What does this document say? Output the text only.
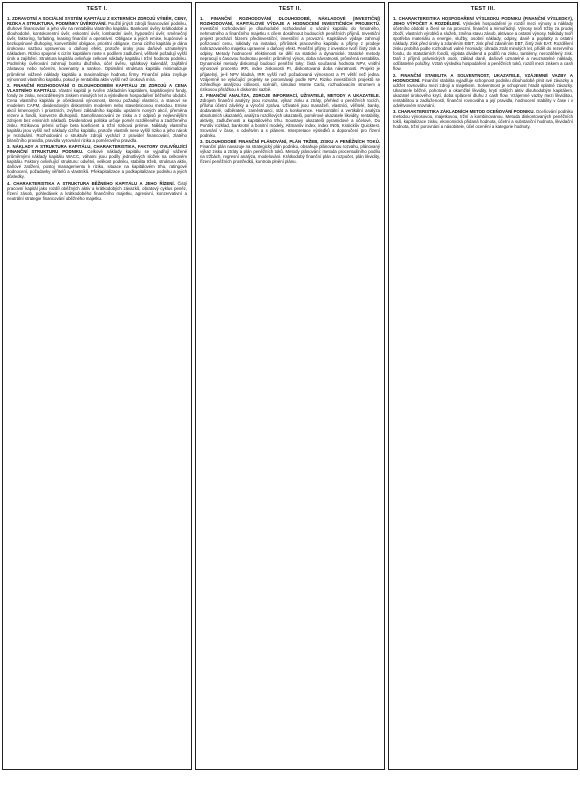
TEST I.

1. ZDRAVOTNÍ A SOCIÁLNÍ SYSTÉM KAPITÁLU Z EXTERNÍCH ZDROJŮ VÝBĚR, CENY, RIZIKA A STRUKTURA, PODMÍNKY ÚVĚROVÁNÍ. Použití jiných zdrojů financování podniku, dluhové financování a jeho vliv na rentabilitu vlastního kapitálu. Bankovní úvěry krátkodobé a dlouhodobé, kontokorentní úvěr, eskontní úvěr, lombardní úvěr, hypoteční úvěr, směnečný úvěr, faktoring, forfaiting, leasing finanční a operativní. Obligace a jejich emise, kupónové a bezkupónové dluhopisy, konvertibilní obligace, prioritní obligace. Cena cizího kapitálu je dána úrokovou sazbou upravenou o daňový efekt, protože úroky jsou daňově uznatelným nákladem. Riziko spojené s cizím kapitálem roste s podílem zadlužení, věřitelé požadují vyšší úrok a zajištění. Struktura kapitálu ovlivňuje celkové náklady kapitálu i tržní hodnotu podniku. Podmínky úvěrování zahrnují bonitu dlužníka, účel úvěru, splátkový kalendář, zajištění zástavou nebo ručením, kovenanty a sankce. Optimální struktura kapitálu minimalizuje průměrné vážené náklady kapitálu a maximalizuje hodnotu firmy. Finanční páka zvyšuje výnosnost vlastního kapitálu, pokud je rentabilita aktiv vyšší než úroková míra.

2. FINANČNÍ ROZHODOVÁNÍ O DLOUHODOBÉM KAPITÁLU ZE ZDROJŮ A CENA VLASTNÍHO KAPITÁLU. Vlastní kapitál je tvořen základním kapitálem, kapitálovými fondy, fondy ze zisku, nerozděleným ziskem minulých let a výsledkem hospodaření běžného období. Cena vlastního kapitálu je očekávaná výnosnost, kterou požadují vlastníci, a stanoví se modelem CAPM, dividendovým diskontním modelem nebo stavebnicovou metodou. Emise akcií kmenových i prioritních, zvýšení základního kapitálu upsáním nových akcií, přeměna rezerv a fondů, konverze dluhopisů. Samofinancování ze zisku a z odpisů je nejlevnějším zdrojem bez emisních nákladů. Dividendová politika určuje poměr rozděleného a zadrženého zisku. Rizikovou prémii určuje beta koeficient a tržní riziková prémie. Náklady vlastního kapitálu jsou vyšší než náklady cizího kapitálu, protože vlastník nese vyšší riziko a jeho nárok je reziduální. Rozhodování o struktuře zdrojů vychází z pravidel financování, zlatého bilančního pravidla, pravidla vyrovnání rizika a poměrového pravidla.

3. NÁKLADY A STRUKTURA KAPITÁLU, CHARAKTERISTIKA, FAKTORY OVLIVŇUJÍCÍ FINANČNÍ STRUKTURU PODNIKU. Celkové náklady kapitálu se vyjadřují vážené průměrnými náklady kapitálu WACC, váhami jsou podíly jednotlivých složek na celkovém kapitálu. Faktory ovlivňující strukturu: odvětví, velikost podniku, stabilita tržeb, struktura aktiv, daňové zatížení, postoj managementu k riziku, situace na kapitálovém trhu, ratingové hodnocení, požadavky věřitelů a vlastníků. Překapitalizace a podkapitalizace podniku a jejich důsledky.

4. CHARAKTERISTIKA A STRUKTURA BĚŽNÉHO KAPITÁLU A JEHO ŘÍZENÍ. Čistý pracovní kapitál jako rozdíl oběžných aktiv a krátkodobých závazků, obratový cyklus peněz, řízení zásob, pohledávek a krátkodobého finančního majetku, agresivní, konzervativní a neutrální strategie financování oběžného majetku.

TEST II.

1. FINANČNÍ ROZHODOVÁNÍ DLOUHODOBÉ, NÁKLADOVÉ (INVESTIČNÍ) ROZHODOVÁNÍ, KAPITÁLOVÉ VÝDAJE A HODNOCENÍ INVESTIČNÍCH PROJEKTŮ. Investiční rozhodování je dlouhodobé rozhodování o vázání kapitálu do hmotného, nehmotného a finančního majetku s cílem dosáhnout budoucích peněžních příjmů. Investiční projekt prochází fázemi předinvestiční, investiční a provozní. Kapitálové výdaje zahrnují pořizovací cenu, náklady na instalaci, přírůstek pracovního kapitálu a příjmy z prodeje nahrazovaného majetku upravené o daňový efekt. Peněžní příjmy z investice tvoří čistý zisk a odpisy. Metody hodnocení efektivnosti se dělí na statické a dynamické. Statické metody nepracují s časovou hodnotou peněz: průměrný výnos, doba návratnosti, průměrná rentabilita. Dynamické metody diskontují budoucí peněžní toky: čistá současná hodnota NPV, vnitřní výnosové procento IRR, index ziskovosti PI, diskontovaná doba návratnosti. Projekt je přijatelný, je-li NPV kladná, IRR vyšší než požadovaná výnosnost a PI větší než jedna. Vzájemně se vylučující projekty se porovnávají podle NPV. Riziko investičních projektů se zohledňuje analýzou citlivosti, scénáři, simulací Monte Carlo, rozhodovacím stromem a rizikovou přirážkou k diskontní sazbě.

2. FINANČNÍ ANALÝZA, ZDROJE INFORMACÍ, UŽIVATELÉ, METODY A UKAZATELE. Zdrojem finanční analýzy jsou rozvaha, výkaz zisku a ztráty, přehled o peněžních tocích, příloha účetní závěrky a výroční zpráva. Uživateli jsou manažeři, vlastníci, věřitelé, banky, dodavatelé, odběratelé, zaměstnanci, stát a konkurence. Horizontální a vertikální analýza absolutních ukazatelů, analýza rozdílových ukazatelů, poměrové ukazatele likvidity, rentability, aktivity, zadluženosti a kapitálového trhu. Soustavy ukazatelů pyramidové a účelové, Du Pontův rozklad, bankrotní a bonitní modely, Altmanův index, index IN05, Kralickův Quicktest. Srovnání v čase, s odvětvím a s plánem. Interpretace výsledků a doporučení pro řízení podniku.

3. DLOUHODOBÉ FINANČNÍ PLÁNOVÁNÍ, PLÁN TRŽEB, ZISKU A PENĚŽNÍCH TOKŮ. Finanční plán navazuje na strategický plán podniku, obsahuje plánovanou rozvahu, plánovaný výkaz zisku a ztráty a plán peněžních toků. Metody plánování: metoda procentuálního podílu na tržbách, regresní analýza, modelování. Krátkodobý finanční plán a rozpočet, plán likvidity, řízení peněžních prostředků, kontrola plnění plánu.

TEST III.

1. CHARAKTERISTIKA HOSPODAŘENÍ VÝSLEDKU PODNIKU (FINANČNÍ VÝSLEDKY), JEHO VÝPOČET A ROZDĚLENÍ. Výsledek hospodaření je rozdíl mezi výnosy a náklady účetního období a člení se na provozní, finanční a mimořádný. Výnosy tvoří tržby za prodej zboží, vlastních výrobků a služeb, změna stavu zásob, aktivace a ostatní výnosy. Náklady tvoří spotřeba materiálu a energie, služby, osobní náklady, odpisy, daně a poplatky a ostatní náklady. Zisk před úroky a zdaněním EBIT, zisk před zdaněním EBT, čistý zisk EAT. Rozdělení zisku probíhá podle rozhodnutí valné hromady: úhrada ztrát minulých let, příděl do rezervního fondu, do statutárních fondů, výplata dividend a podílů na zisku, tantiémy, nerozdělený zisk. Daň z příjmů právnických osob, základ daně, daňově uznatelné a neuznatelné náklady, odčitatelné položky. Vztah výsledku hospodaření a peněžních toků, rozdíl mezi ziskem a cash flow.

2. FINANČNÍ STABILITA A SOLVENTNOST, UKAZATELE, VZÁJEMNÉ VAZBY A HODNOCENÍ. Finanční stabilita vyjadřuje schopnost podniku dlouhodobě plnit své závazky a udržet rovnováhu mezi zdroji a majetkem. Solventnost je schopnost hradit splatné závazky. Ukazatele běžné, pohotové a okamžité likvidity, krytí stálých aktiv dlouhodobým kapitálem, ukazatel úrokového krytí, doba splácení dluhu z cash flow. Vzájemné vazby mezi likviditou, rentabilitou a zadlužeností, finanční rovnováha a její pravidla, hodnocení stability v čase i v odvětvovém srovnání.

3. CHARAKTERISTIKA ZÁKLADNÍCH METOD OCEŇOVÁNÍ PODNIKU. Oceňování podniku metodou výnosovou, majetkovou, tržní a kombinovanou. Metoda diskontovaných peněžních toků, kapitalizace zisku, ekonomická přidaná hodnota, účetní a substanční hodnota, likvidační hodnota, tržní porovnání a násobitele, účel ocenění a kategorie hodnoty.
